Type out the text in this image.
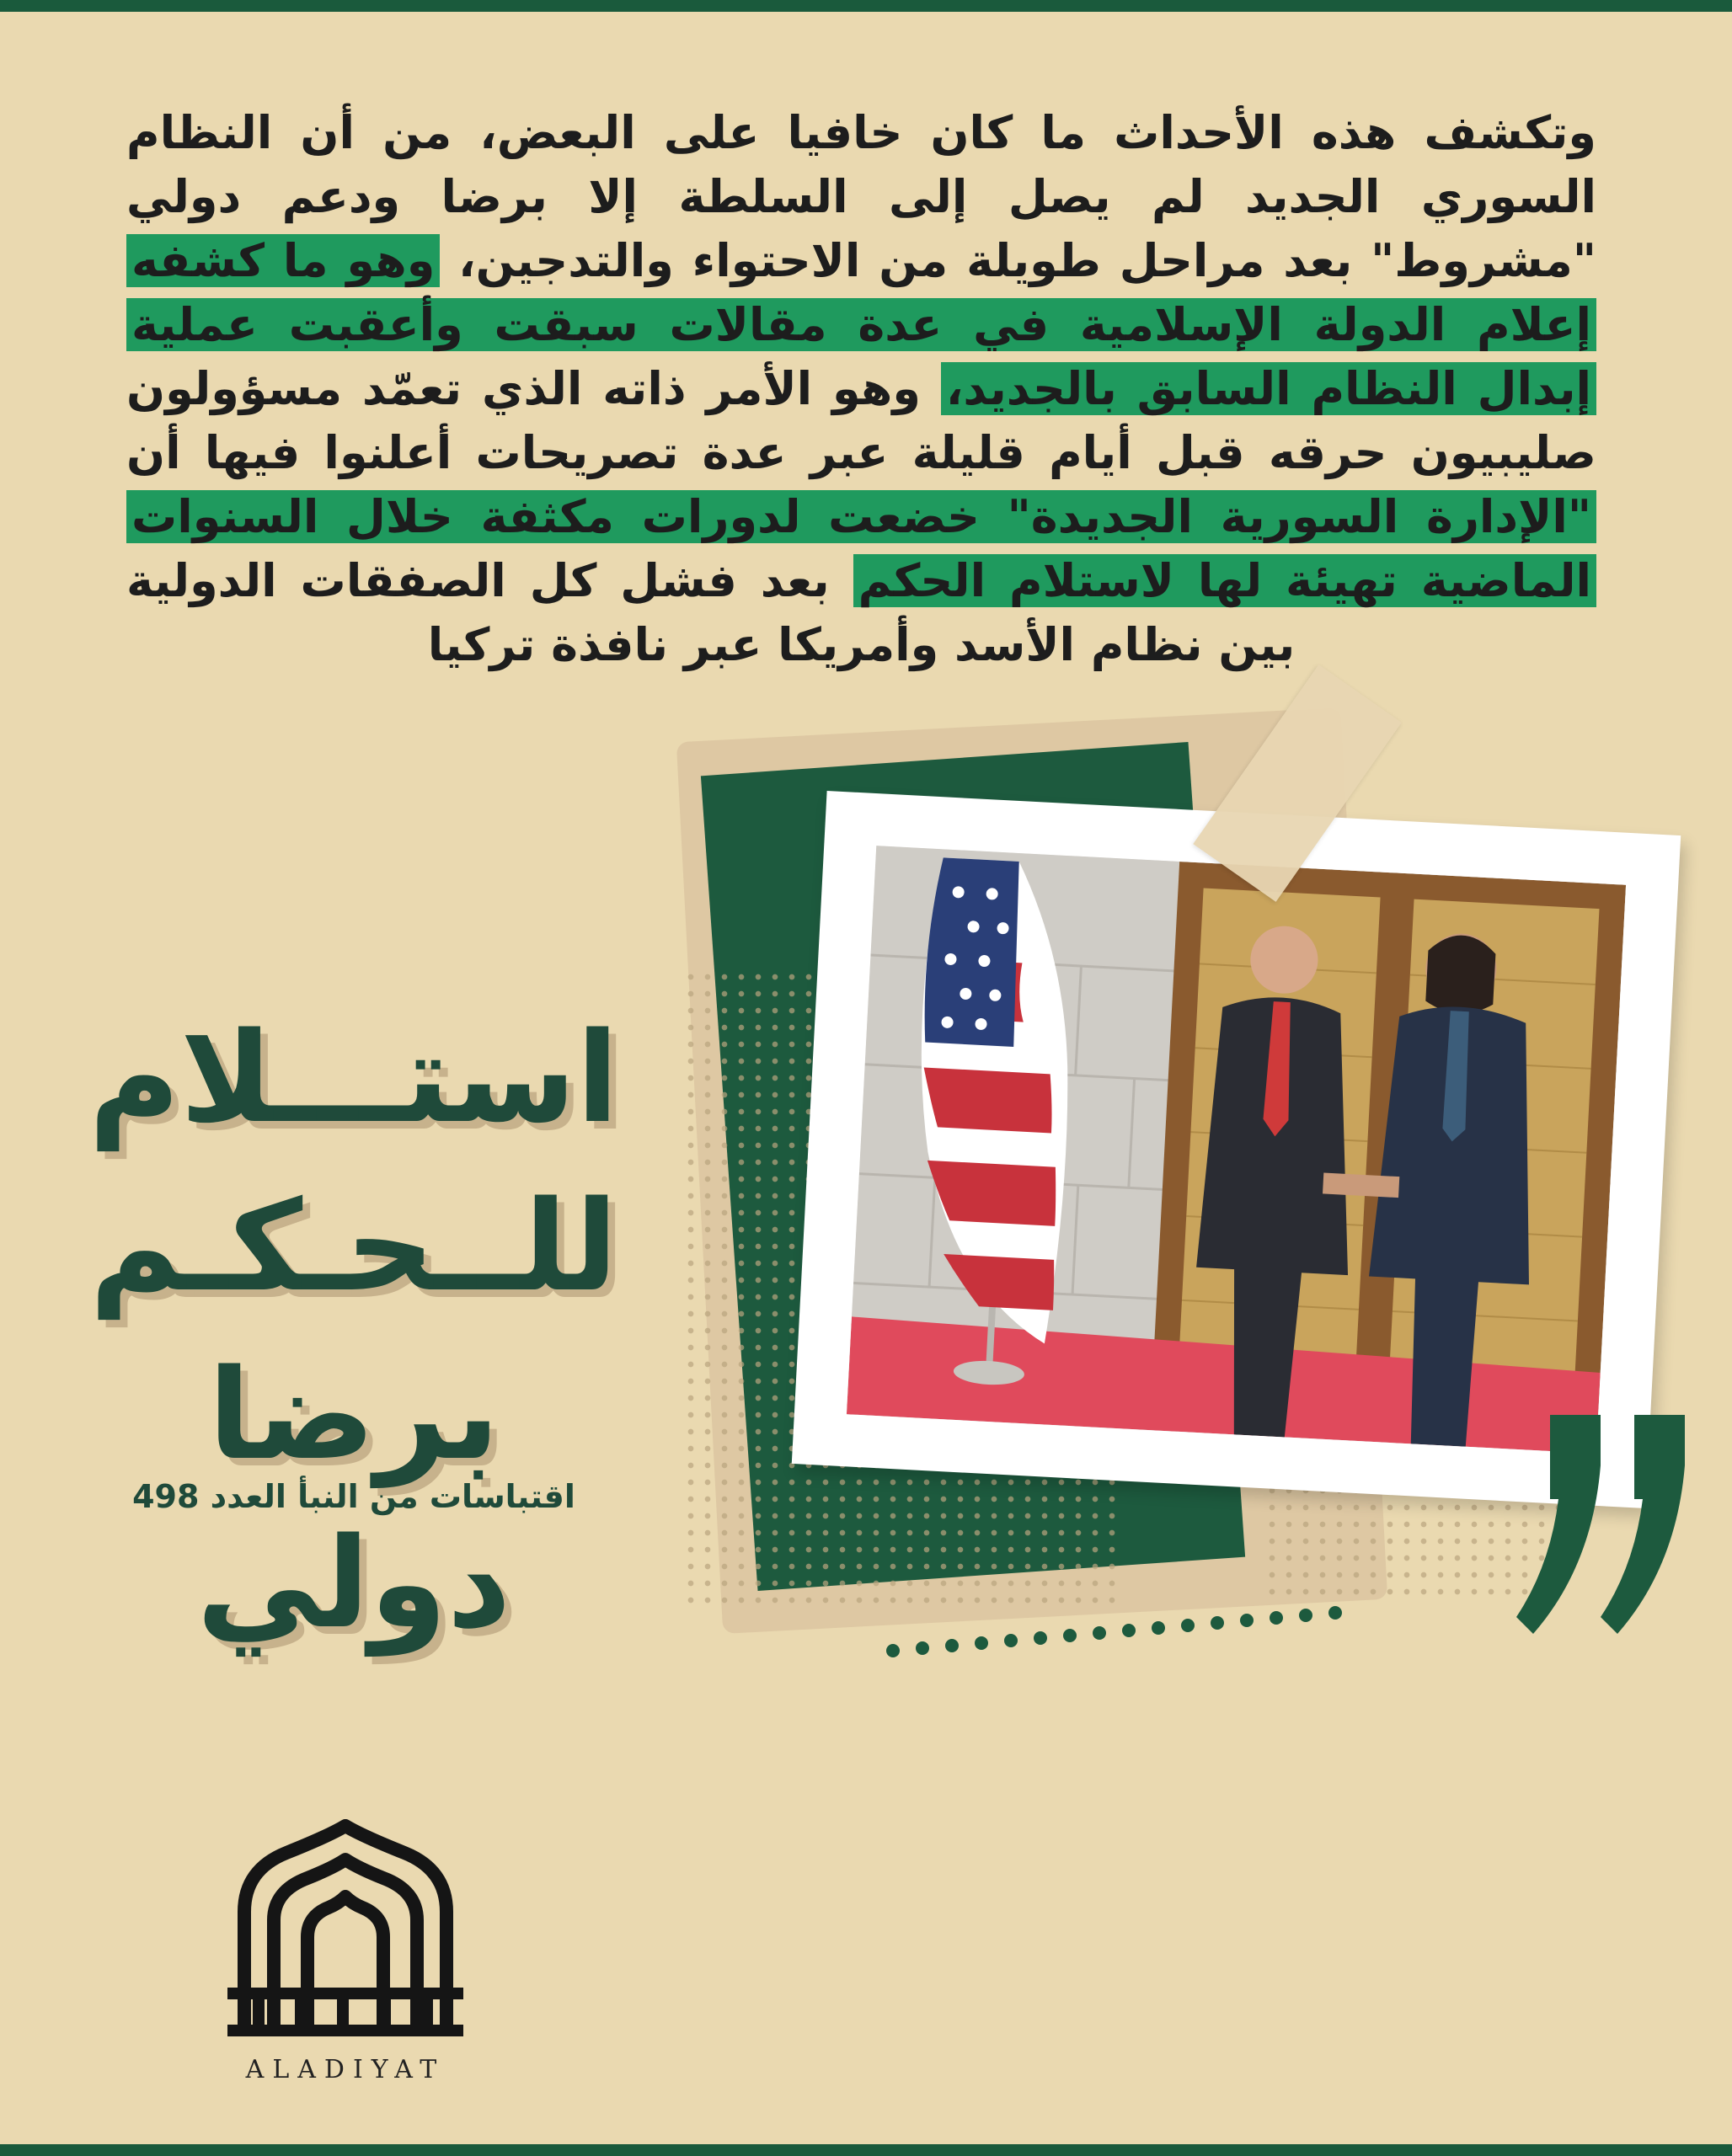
وتكشف هذه الأحداث ما كان خافيا على البعض، من أن النظام السوري الجديد لم يصل إلى السلطة إلا برضا ودعم دولي "مشروط" بعد مراحل طويلة من الاحتواء والتدجين، وهو ما كشفه إعلام الدولة الإسلامية في عدة مقالات سبقت وأعقبت عملية إبدال النظام السابق بالجديد، وهو الأمر ذاته الذي تعمّد مسؤولون صليبيون حرقه قبل أيام قليلة عبر عدة تصريحات أعلنوا فيها أن "الإدارة السورية الجديدة" خضعت لدورات مكثفة خلال السنوات الماضية تهيئة لها لاستلام الحكم بعد فشل كل الصفقات الدولية بين نظام الأسد وأمريكا عبر نافذة تركيا
استـــلام
للــحـكـم
برضا دولي
اقتباسات من النبأ العدد 498
ALADIYAT
